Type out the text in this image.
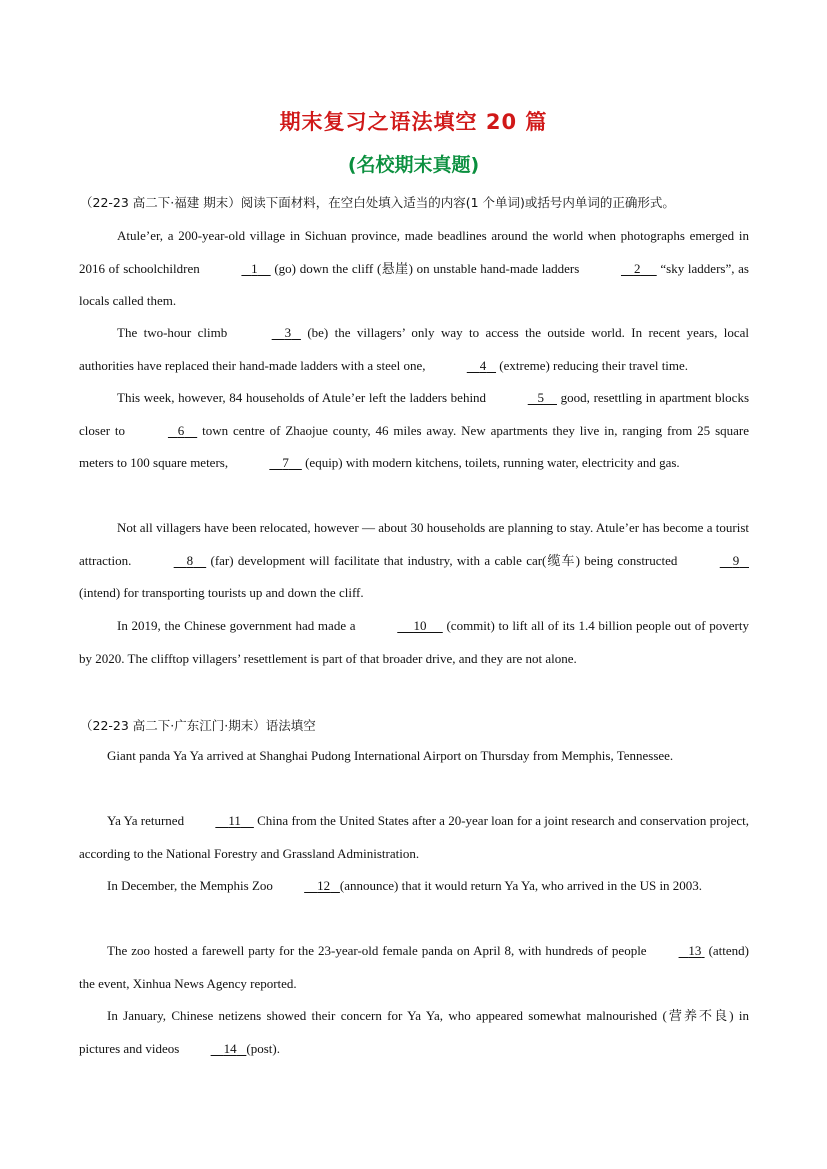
期末复习之语法填空 20 篇
(名校期末真题)
（22-23 高二下·福建 期末）阅读下面材料，在空白处填入适当的内容(1 个单词)或括号内单词的正确形式。

Atule’er, a 200-year-old village in Sichuan province, made beadlines around the world when photographs emerged in 2016 of schoolchildren	1     (go) down the cliff (悬崖) on unstable hand-made ladders	2      “sky ladders”, as locals called them.

The two-hour climb	3    (be) the villagers’ only way to access the outside world. In recent years, local authorities have replaced their hand-made ladders with a steel one,	4    (extreme) reducing their travel time.

This week, however, 84 households of Atule’er left the ladders behind	5     good, resettling in apartment blocks closer to	6     town centre of Zhaojue county, 46 miles away. New apartments they live in, ranging from 25 square meters to 100 square meters,	7     (equip) with modern kitchens, toilets, running water, electricity and gas.

Not all villagers have been relocated, however — about 30 households are planning to stay. Atule’er has become a tourist attraction.	8     (far) development will facilitate that industry, with a cable car(缆车) being constructed	9    (intend) for transporting tourists up and down the cliff.

In 2019, the Chinese government had made a	10      (commit) to lift all of its 1.4 billion people out of poverty by 2020. The clifftop villagers’ resettlement is part of that broader drive, and they are not alone.

（22-23 高二下·广东江门·期末）语法填空

Giant panda Ya Ya arrived at Shanghai Pudong International Airport on Thursday from Memphis, Tennessee.

Ya Ya returned	11     China from the United States after a 20-year loan for a joint research and conservation project, according to the National Forestry and Grassland Administration.

In December, the Memphis Zoo	12 (announce) that it would return Ya Ya, who arrived in the US in 2003.

The zoo hosted a farewell party for the 23-year-old female panda on April 8, with hundreds of people	13  (attend) the event, Xinhua News Agency reported.

In January, Chinese netizens showed their concern for Ya Ya, who appeared somewhat malnourished (营养不良) in pictures and videos	14 (post).
